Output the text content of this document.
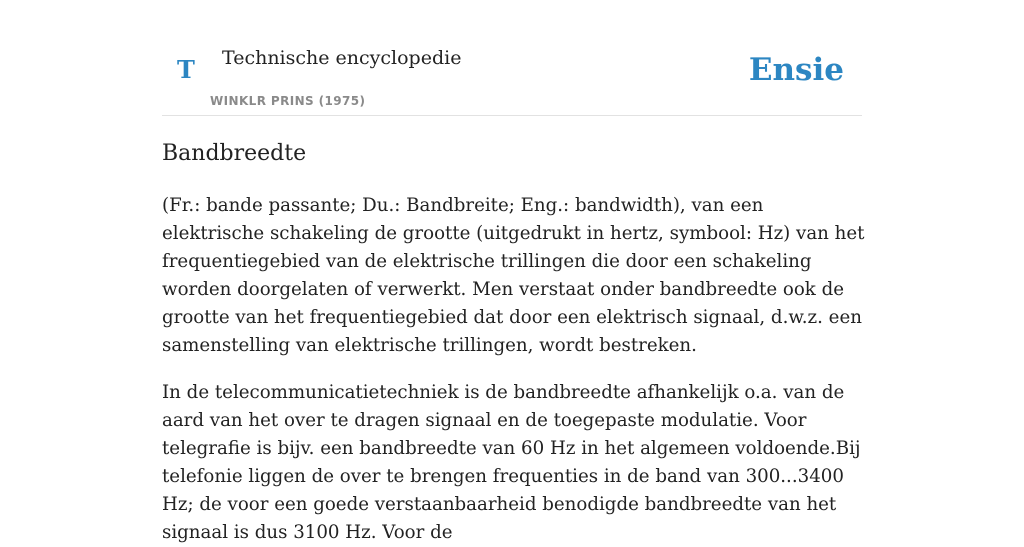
T Technische encyclopedie
WINKLR PRINS (1975)
Ensie
Bandbreedte

(Fr.: bande passante; Du.: Bandbreite; Eng.: bandwidth), van een elektrische schakeling de grootte (uitgedrukt in hertz, symbool: Hz) van het frequentiegebied van de elektrische trillingen die door een schakeling worden doorgelaten of verwerkt. Men verstaat onder bandbreedte ook de grootte van het frequentiegebied dat door een elektrisch signaal, d.w.z. een samenstelling van elektrische trillingen, wordt bestreken.

In de telecommunicatietechniek is de bandbreedte afhankelijk o.a. van de aard van het over te dragen signaal en de toegepaste modulatie. Voor telegrafie is bijv. een bandbreedte van 60 Hz in het algemeen voldoende.Bij telefonie liggen de over te brengen frequenties in de band van 300...3400 Hz; de voor een goede verstaanbaarheid benodigde bandbreedte van het signaal is dus 3100 Hz. Voor de
